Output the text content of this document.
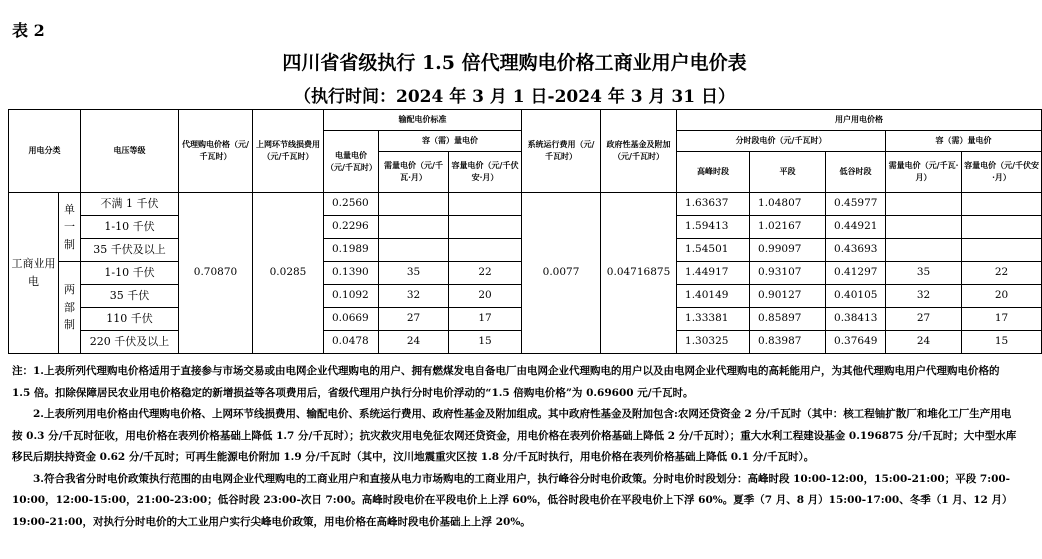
表 2
四川省省级执行 1.5 倍代理购电价格工商业用户电价表
（执行时间：2024 年 3 月 1 日-2024 年 3 月 31 日）
用电分类		电压等级	代理购电价格（元/千瓦时）	上网环节线损费用（元/千瓦时）	输配电价标准			系统运行费用（元/千瓦时）	政府性基金及附加（元/千瓦时）	用户用电价格				
					电量电价（元/千瓦时）	容（需）量电价				分时段电价（元/千瓦时）			容（需）量电价	
						需量电价（元/千瓦·月）	容量电价（元/千伏安·月）			高峰时段	平段	低谷时段	需量电价（元/千瓦·月）	容量电价（元/千伏安·月）
工商业用电	单一制	不满 1 千伏	0.70870	0.0285	0.2560			0.0077	0.04716875	1.63637	1.04807	0.45977		
		1-10 千伏			0.2296					1.59413	1.02167	0.44921		
		35 千伏及以上			0.1989					1.54501	0.99097	0.43693		
	两部制	1-10 千伏			0.1390	35	22			1.44917	0.93107	0.41297	35	22
		35 千伏			0.1092	32	20			1.40149	0.90127	0.40105	32	20
		110 千伏			0.0669	27	17			1.33381	0.85897	0.38413	27	17
		220 千伏及以上			0.0478	24	15			1.30325	0.83987	0.37649	24	15

注：1.上表所列代理购电价格适用于直接参与市场交易或由电网企业代理购电的用户、拥有燃煤发电自备电厂由电网企业代理购电的用户以及由电网企业代理购电的高耗能用户，为其他代理购电用户代理购电价格的 1.5 倍。扣除保障居民农业用电价格稳定的新增损益等各项费用后，省级代理用户执行分时电价浮动的“1.5 倍购电价格”为 0.69600 元/千瓦时。

2.上表所列用电价格由代理购电价格、上网环节线损费用、输配电价、系统运行费用、政府性基金及附加组成。其中政府性基金及附加包含:农网还贷资金 2 分/千瓦时（其中：核工程铀扩散厂和堆化工厂生产用电按 0.3 分/千瓦时征收，用电价格在表列价格基础上降低 1.7 分/千瓦时）；抗灾救灾用电免征农网还贷资金，用电价格在表列价格基础上降低 2 分/千瓦时）；重大水利工程建设基金 0.196875 分/千瓦时；大中型水库移民后期扶持资金 0.62 分/千瓦时；可再生能源电价附加 1.9 分/千瓦时（其中，汶川地震重灾区按 1.8 分/千瓦时执行，用电价格在表列价格基础上降低 0.1 分/千瓦时）。

3.符合我省分时电价政策执行范围的由电网企业代理购电的工商业用户和直接从电力市场购电的工商业用户，执行峰谷分时电价政策。分时电价时段划分：高峰时段 10:00-12:00，15:00-21:00；平段 7:00-10:00，12:00-15:00，21:00-23:00；低谷时段 23:00-次日 7:00。高峰时段电价在平段电价上上浮 60%，低谷时段电价在平段电价上下浮 60%。夏季（7 月、8 月）15:00-17:00、冬季（1 月、12 月）19:00-21:00，对执行分时电价的大工业用户实行尖峰电价政策，用电价格在高峰时段电价基础上上浮 20%。
